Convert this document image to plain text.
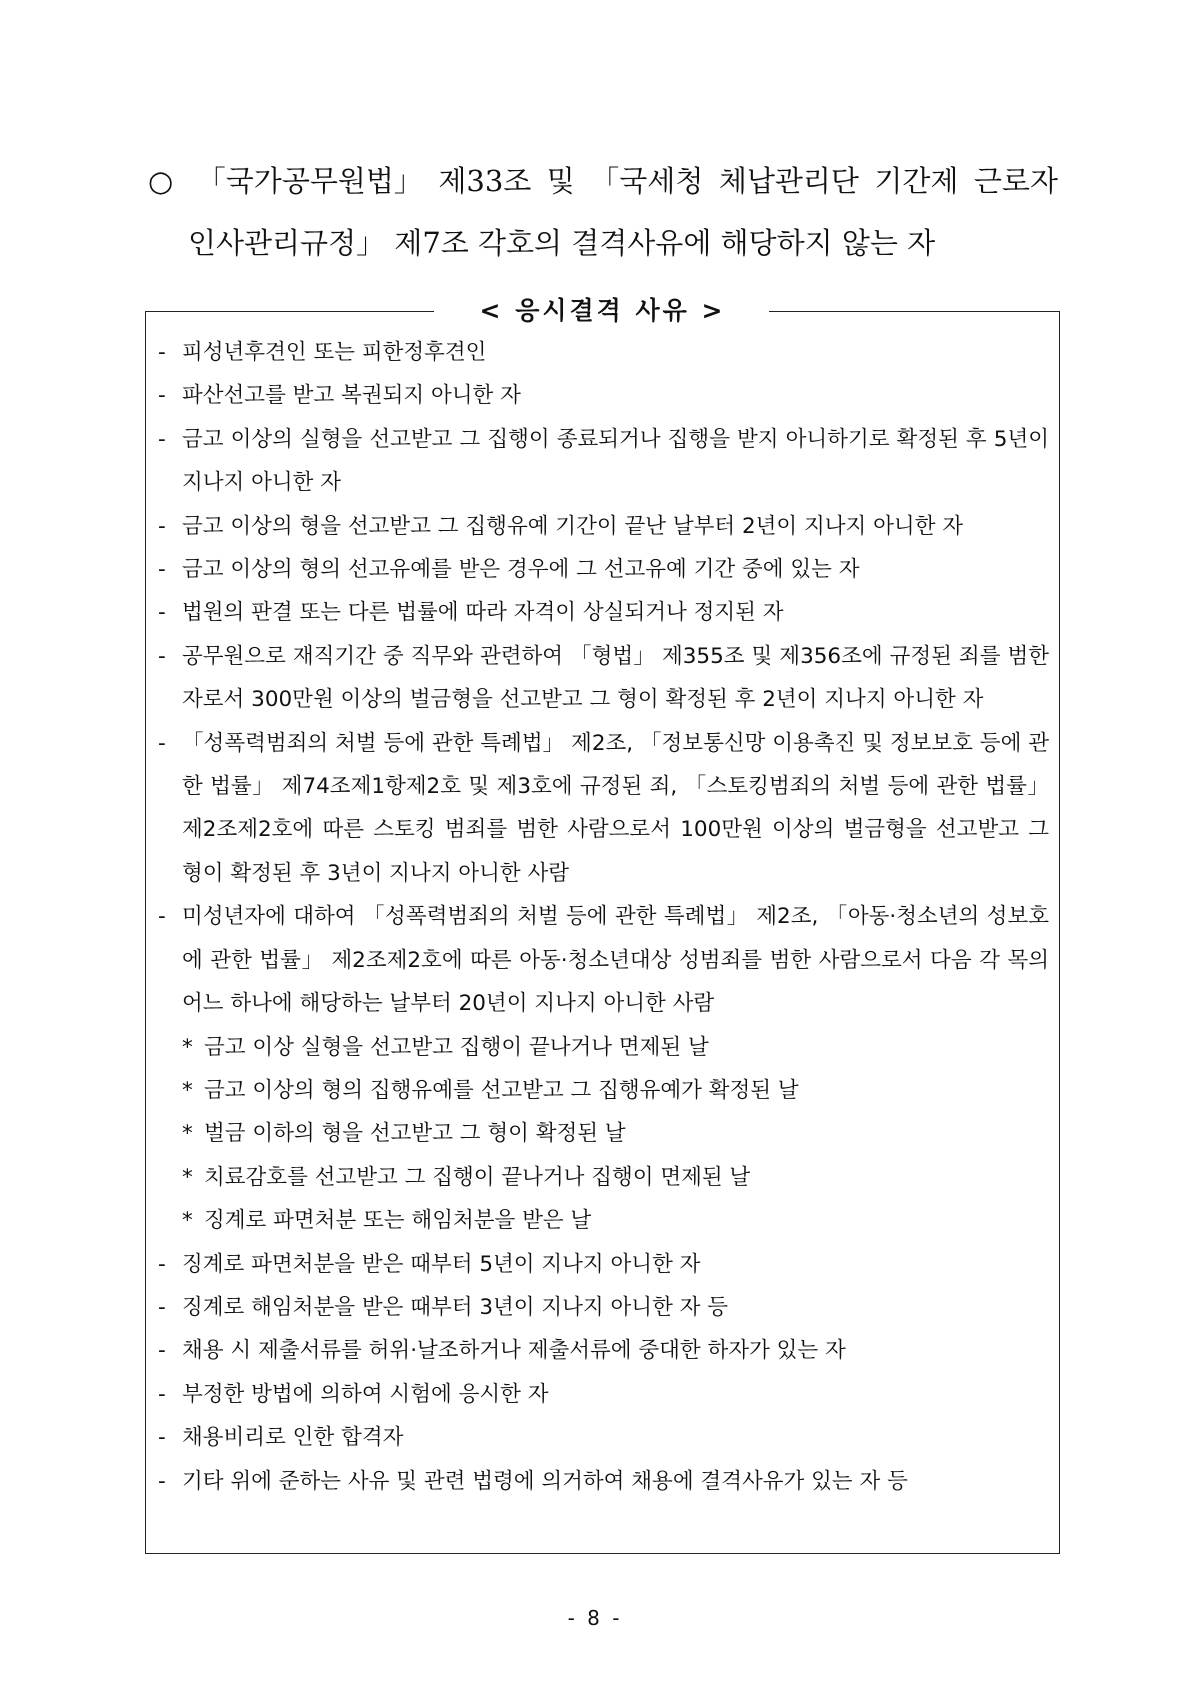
○ 「국가공무원법」 제33조 및 「국세청 체납관리단 기간제 근로자
인사관리규정」 제7조 각호의 결격사유에 해당하지 않는 자
< 응시결격 사유 >
- 피성년후견인 또는 피한정후견인
- 파산선고를 받고 복권되지 아니한 자
- 금고 이상의 실형을 선고받고 그 집행이 종료되거나 집행을 받지 아니하기로 확정된 후 5년이 지나지 아니한 자
- 금고 이상의 형을 선고받고 그 집행유예 기간이 끝난 날부터 2년이 지나지 아니한 자
- 금고 이상의 형의 선고유예를 받은 경우에 그 선고유예 기간 중에 있는 자
- 법원의 판결 또는 다른 법률에 따라 자격이 상실되거나 정지된 자
- 공무원으로 재직기간 중 직무와 관련하여 「형법」 제355조 및 제356조에 규정된 죄를 범한 자로서 300만원 이상의 벌금형을 선고받고 그 형이 확정된 후 2년이 지나지 아니한 자
- 「성폭력범죄의 처벌 등에 관한 특례법」 제2조, 「정보통신망 이용촉진 및 정보보호 등에 관한 법률」 제74조제1항제2호 및 제3호에 규정된 죄, 「스토킹범죄의 처벌 등에 관한 법률」 제2조제2호에 따른 스토킹 범죄를 범한 사람으로서 100만원 이상의 벌금형을 선고받고 그 형이 확정된 후 3년이 지나지 아니한 사람
- 미성년자에 대하여 「성폭력범죄의 처벌 등에 관한 특례법」 제2조, 「아동·청소년의 성보호에 관한 법률」 제2조제2호에 따른 아동·청소년대상 성범죄를 범한 사람으로서 다음 각 목의 어느 하나에 해당하는 날부터 20년이 지나지 아니한 사람
* 금고 이상 실형을 선고받고 집행이 끝나거나 면제된 날
* 금고 이상의 형의 집행유예를 선고받고 그 집행유예가 확정된 날
* 벌금 이하의 형을 선고받고 그 형이 확정된 날
* 치료감호를 선고받고 그 집행이 끝나거나 집행이 면제된 날
* 징계로 파면처분 또는 해임처분을 받은 날
- 징계로 파면처분을 받은 때부터 5년이 지나지 아니한 자
- 징계로 해임처분을 받은 때부터 3년이 지나지 아니한 자 등
- 채용 시 제출서류를 허위·날조하거나 제출서류에 중대한 하자가 있는 자
- 부정한 방법에 의하여 시험에 응시한 자
- 채용비리로 인한 합격자
- 기타 위에 준하는 사유 및 관련 법령에 의거하여 채용에 결격사유가 있는 자 등
- 8 -
